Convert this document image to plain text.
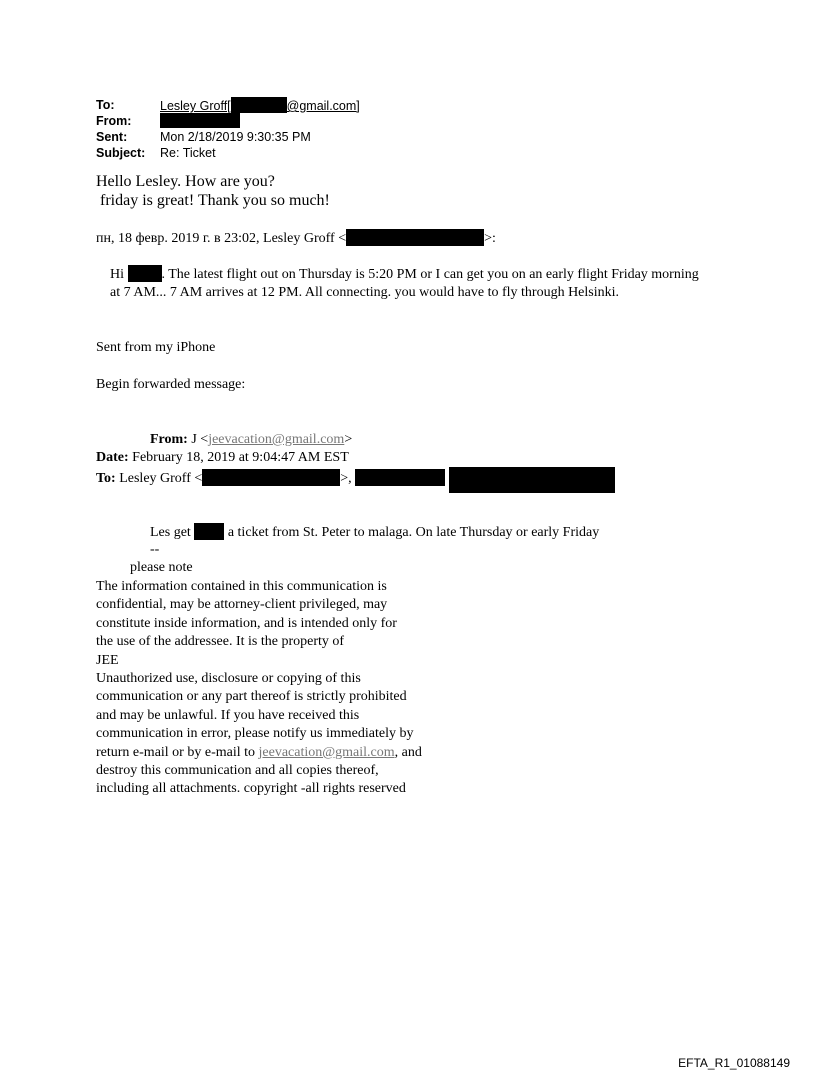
To:	Lesley Groff[	@gmail.com]
From:
Sent:	Mon 2/18/2019 9:30:35 PM
Subject: Re: Ticket
Hello Lesley. How are you?
friday is great! Thank you so much!
пн, 18 февр. 2019 г. в 23:02, Lesley Groff <	>:
Hi	. The latest flight out on Thursday is 5:20 PM or I can get you on an early flight Friday morning at 7 AM... 7 AM arrives at 12 PM. All connecting. you would have to fly through Helsinki.
Sent from my iPhone
Begin forwarded message:
From: J <jeevacation@gmail.com>
Date: February 18, 2019 at 9:04:47 AM EST
To: Lesley Groff <	>,
Les get	a ticket from St. Peter to malaga. On late Thursday or early Friday
--
please note
The information contained in this communication is
confidential, may be attorney-client privileged, may
constitute inside information, and is intended only for
the use of the addressee. It is the property of
JEE
Unauthorized use, disclosure or copying of this
communication or any part thereof is strictly prohibited
and may be unlawful. If you have received this
communication in error, please notify us immediately by
return e-mail or by e-mail to jeevacation@gmail.com, and
destroy this communication and all copies thereof,
including all attachments. copyright -all rights reserved
EFTA_R1_01088149
